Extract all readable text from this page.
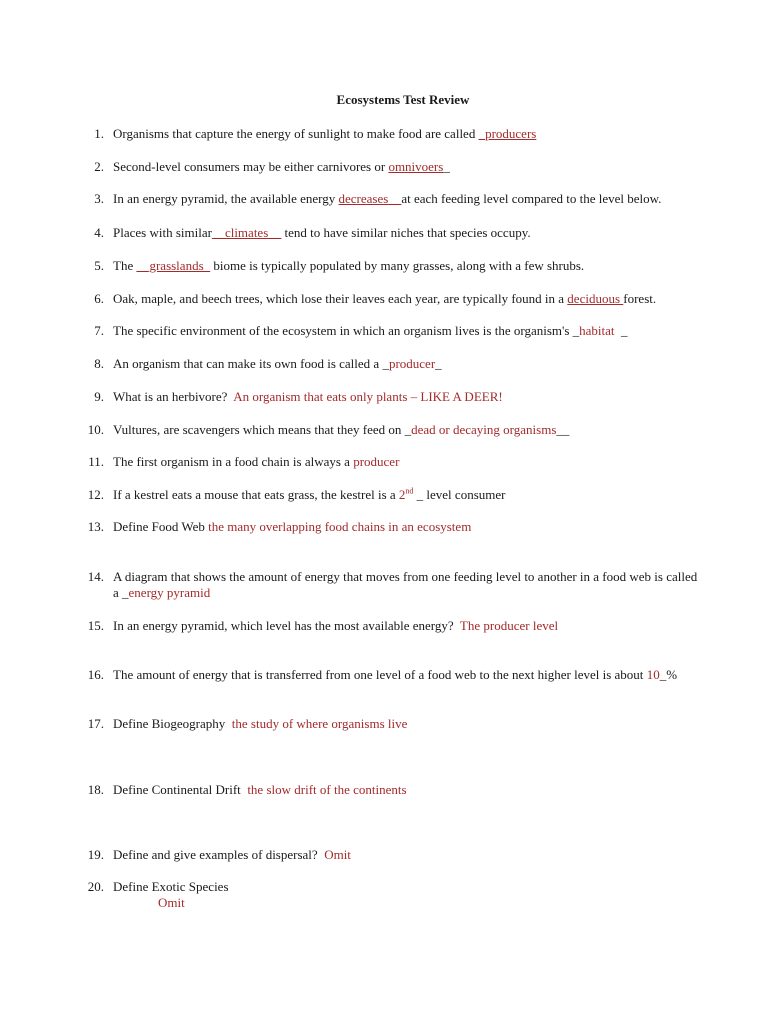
Ecosystems Test Review
1. Organisms that capture the energy of sunlight to make food are called _producers
2. Second-level consumers may be either carnivores or omnivoers_
3. In an energy pyramid, the available energy decreases__at each feeding level compared to the level below.
4. Places with similar__climates__ tend to have similar niches that species occupy.
5. The __grasslands_ biome is typically populated by many grasses, along with a few shrubs.
6. Oak, maple, and beech trees, which lose their leaves each year, are typically found in a deciduous forest.
7. The specific environment of the ecosystem in which an organism lives is the organism's _habitat  _
8. An organism that can make its own food is called a _producer_
9. What is an herbivore?  An organism that eats only plants – LIKE A DEER!
10. Vultures, are scavengers which means that they feed on _dead or decaying organisms__
11. The first organism in a food chain is always a producer
12. If a kestrel eats a mouse that eats grass, the kestrel is a 2nd _ level consumer
13. Define Food Web the many overlapping food chains in an ecosystem
14. A diagram that shows the amount of energy that moves from one feeding level to another in a food web is called a _energy pyramid
15. In an energy pyramid, which level has the most available energy?  The producer level
16. The amount of energy that is transferred from one level of a food web to the next higher level is about 10_%
17. Define Biogeography  the study of where organisms live
18. Define Continental Drift  the slow drift of the continents
19. Define and give examples of dispersal?  Omit
20. Define Exotic Species
Omit
